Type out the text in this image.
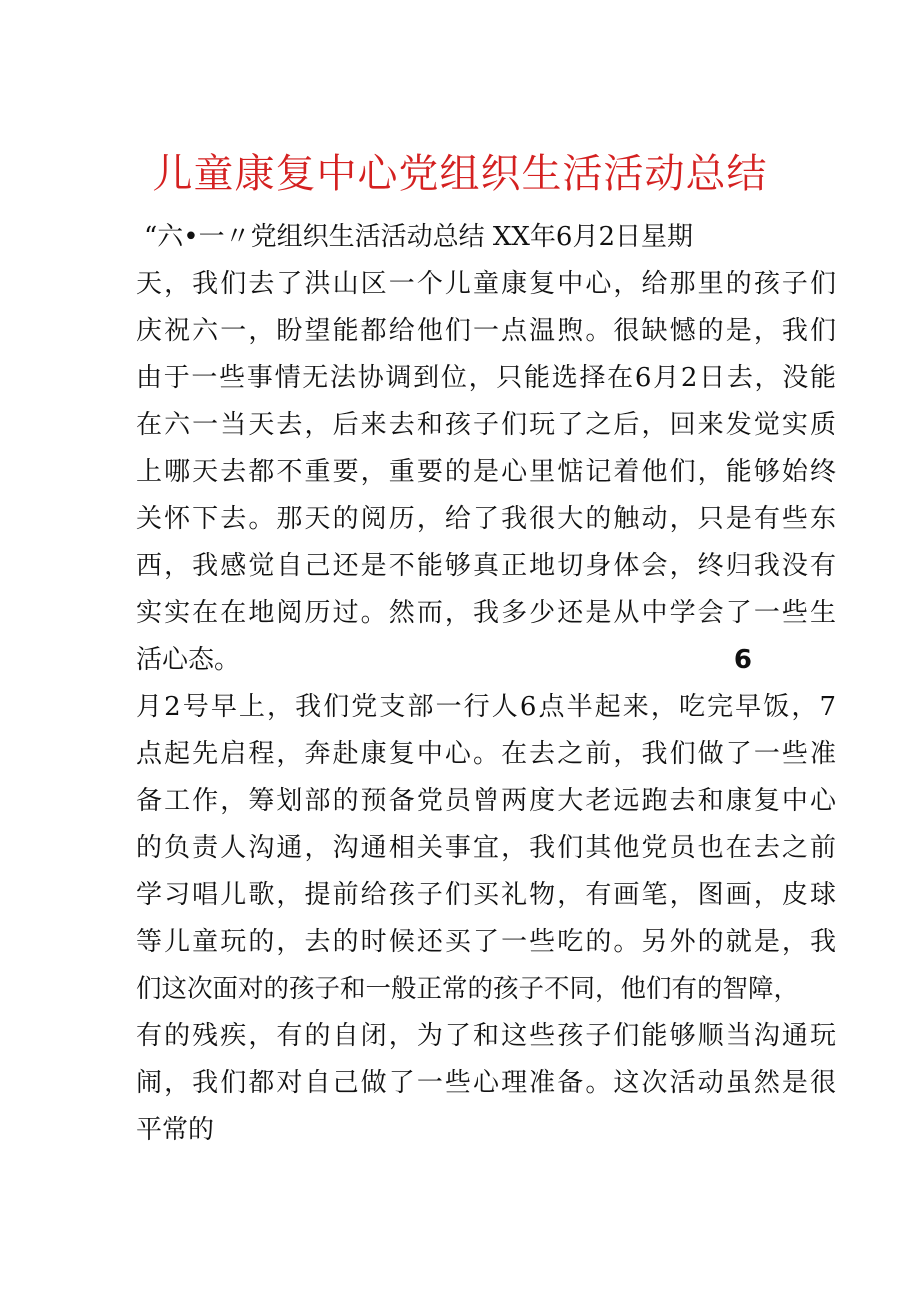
儿童康复中心党组织生活活动总结
“六•一〃党组织生活活动总结 XX年6月2日星期
天，我们去了洪山区一个儿童康复中心，给那里的孩子们
庆祝六一，盼望能都给他们一点温煦。很缺憾的是，我们
由于一些事情无法协调到位，只能选择在6月2日去，没能
在六一当天去，后来去和孩子们玩了之后，回来发觉实质
上哪天去都不重要，重要的是心里惦记着他们，能够始终
关怀下去。那天的阅历，给了我很大的触动，只是有些东
西，我感觉自己还是不能够真正地切身体会，终归我没有
实实在在地阅历过。然而，我多少还是从中学会了一些生
活心态。	6
月2号早上，我们党支部一行人6点半起来，吃完早饭，7
点起先启程，奔赴康复中心。在去之前，我们做了一些准
备工作，筹划部的预备党员曾两度大老远跑去和康复中心
的负责人沟通，沟通相关事宜，我们其他党员也在去之前
学习唱儿歌，提前给孩子们买礼物，有画笔，图画，皮球
等儿童玩的，去的时候还买了一些吃的。另外的就是，我
们这次面对的孩子和一般正常的孩子不同，他们有的智障，
有的残疾，有的自闭，为了和这些孩子们能够顺当沟通玩
闹，我们都对自己做了一些心理准备。这次活动虽然是很
平常的
